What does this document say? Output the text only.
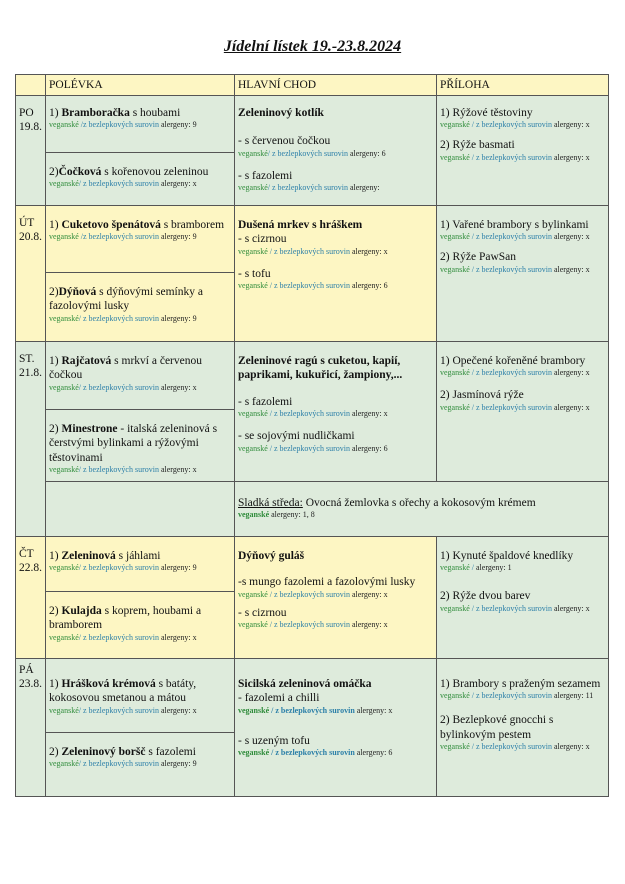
Jídelní lístek 19.-23.8.2024
	POLÉVKA	HLAVNÍ CHOD	PŘÍLOHA
PO
19.8.	1) Bramboračka s houbami
veganské /z bezlepkových surovin alergeny: 9	Zeleninový kotlík
- s červenou čočkou
veganské/ z bezlepkových surovin alergeny: 6
- s fazolemi
veganské/ z bezlepkových surovin alergeny:	1) Rýžové těstoviny
veganské / z bezlepkových surovin alergeny: x
2) Rýže basmati
veganské / z bezlepkových surovin alergeny: x

	2)Čočková s kořenovou zeleninou
veganské/ z bezlepkových surovin alergeny: x		

ÚT
20.8.	1) Cuketovo špenátová s bramborem
veganské /z bezlepkových surovin alergeny: 9	Dušená mrkev s hráškem
- s cizrnou
veganské / z bezlepkových surovin alergeny: x
- s tofu
veganské / z bezlepkových surovin alergeny: 6	1) Vařené brambory s bylinkami
veganské / z bezlepkových surovin alergeny: x
2) Rýže PawSan
veganské / z bezlepkových surovin alergeny: x

	2)Dýňová s dýňovými semínky a fazolovými lusky
veganské/ z bezlepkových surovin alergeny: 9		

ST.
21.8.	1) Rajčatová s mrkví a červenou čočkou
veganské/ z bezlepkových surovin alergeny: x	Zeleninové ragú s cuketou, kapií, paprikami, kukuřicí, žampiony,...
- s fazolemi
veganské / z bezlepkových surovin alergeny: x
- se sojovými nudličkami
veganské / z bezlepkových surovin alergeny: 6	1) Opečené kořeněné brambory
veganské / z bezlepkových surovin alergeny: x
2) Jasmínová rýže
veganské / z bezlepkových surovin alergeny: x

	2) Minestrone - italská zeleninová s čerstvými bylinkami a rýžovými těstovinami
veganské/ z bezlepkových surovin alergeny: x		

		Sladká středa: Ovocná žemlovka s ořechy a kokosovým krémem
veganské alergeny: 1, 8	

ČT
22.8.	1) Zeleninová s jáhlami
veganské/ z bezlepkových surovin alergeny: 9	Dýňový guláš
-s mungo fazolemi a fazolovými lusky
veganské / z bezlepkových surovin alergeny: x
- s cizrnou
veganské / z bezlepkových surovin alergeny: x	1) Kynuté špaldové knedlíky
veganské / alergeny: 1
2) Rýže dvou barev
veganské / z bezlepkových surovin alergeny: x

	2) Kulajda s koprem, houbami a bramborem
veganské/ z bezlepkových surovin alergeny: x		

PÁ
23.8.	1) Hrášková krémová s batáty, kokosovou smetanou a mátou
veganské/ z bezlepkových surovin alergeny: x	Sicilská zeleninová omáčka
- fazolemi a chilli
veganské / z bezlepkových surovin alergeny: x
- s uzeným tofu
veganské / z bezlepkových surovin alergeny: 6	1) Brambory s praženým sezamem
veganské / z bezlepkových surovin alergeny: 11
2) Bezlepkové gnocchi s bylinkovým pestem
veganské / z bezlepkových surovin alergeny: x

	2) Zeleninový boršč s fazolemi
veganské/ z bezlepkových surovin alergeny: 9		
